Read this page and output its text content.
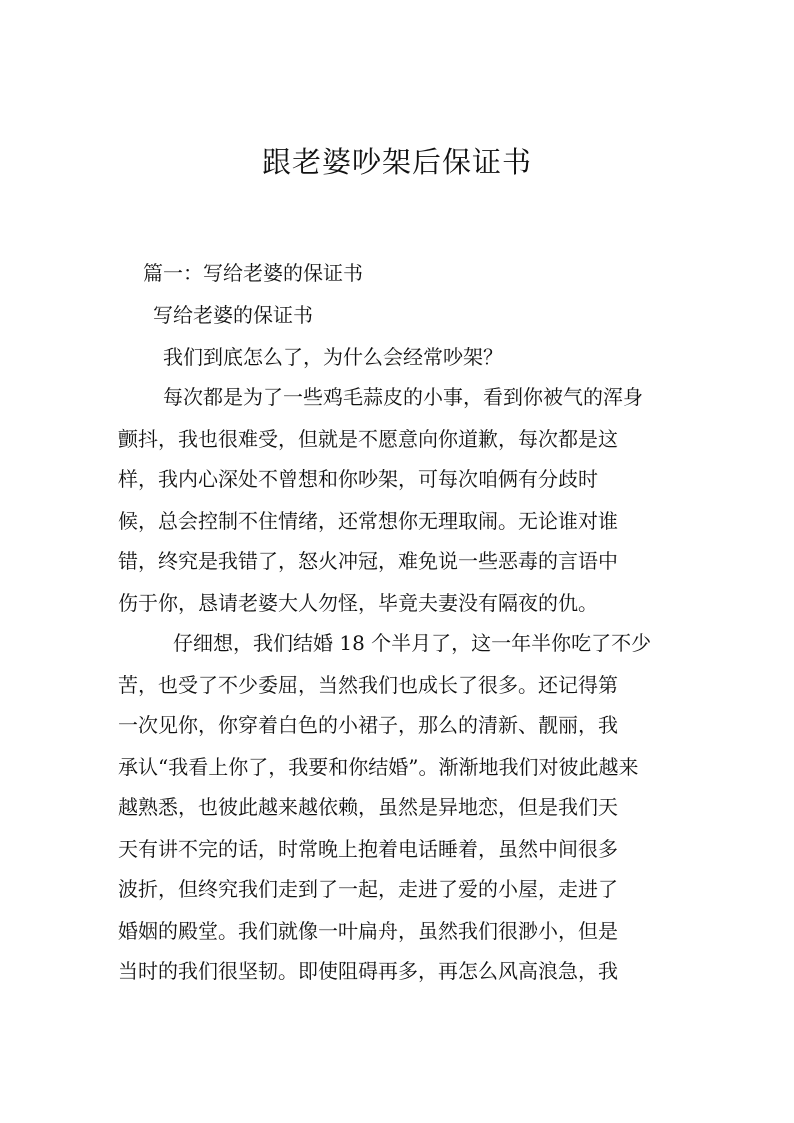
跟老婆吵架后保证书

篇一：写给老婆的保证书

写给老婆的保证书

我们到底怎么了，为什么会经常吵架？

每次都是为了一些鸡毛蒜皮的小事，看到你被气的浑身

颤抖，我也很难受，但就是不愿意向你道歉，每次都是这

样，我内心深处不曾想和你吵架，可每次咱俩有分歧时

候，总会控制不住情绪，还常想你无理取闹。无论谁对谁

错，终究是我错了，怒火冲冠，难免说一些恶毒的言语中

伤于你，恳请老婆大人勿怪，毕竟夫妻没有隔夜的仇。

仔细想，我们结婚 18 个半月了，这一年半你吃了不少

苦，也受了不少委屈，当然我们也成长了很多。还记得第

一次见你，你穿着白色的小裙子，那么的清新、靓丽，我

承认“我看上你了，我要和你结婚”。渐渐地我们对彼此越来

越熟悉，也彼此越来越依赖，虽然是异地恋，但是我们天

天有讲不完的话，时常晚上抱着电话睡着，虽然中间很多

波折，但终究我们走到了一起，走进了爱的小屋，走进了

婚姻的殿堂。我们就像一叶扁舟，虽然我们很渺小，但是

当时的我们很坚韧。即使阻碍再多，再怎么风高浪急，我
